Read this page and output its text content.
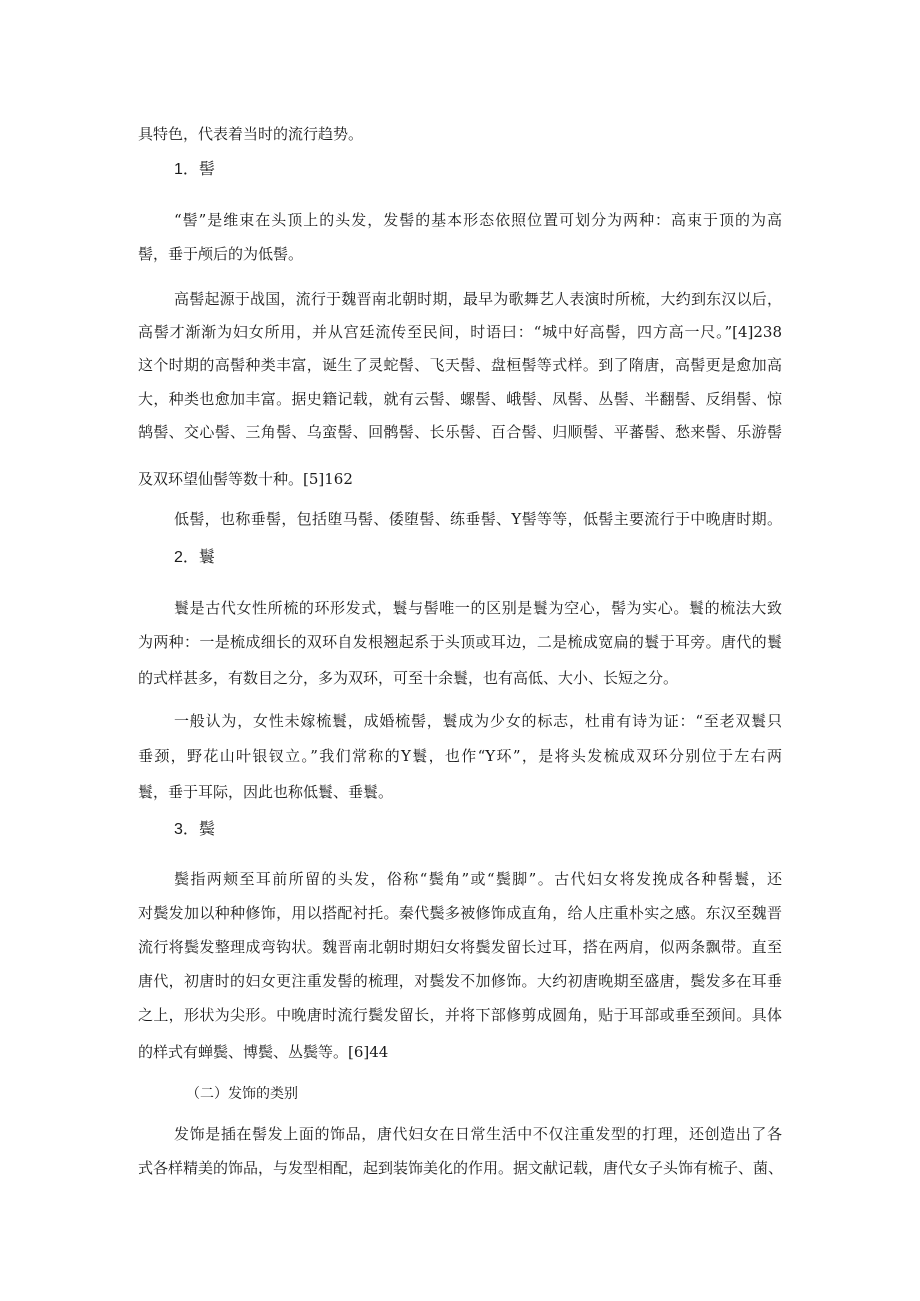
具特色，代表着当时的流行趋势。
1．髻
“髻”是维束在头顶上的头发，发髻的基本形态依照位置可划分为两种：高束于顶的为高
髻，垂于颅后的为低髻。
高髻起源于战国，流行于魏晋南北朝时期，最早为歌舞艺人表演时所梳，大约到东汉以后，
高髻才渐渐为妇女所用，并从宫廷流传至民间，时语曰：“城中好高髻，四方高一尺。”[4]238
这个时期的高髻种类丰富，诞生了灵蛇髻、飞天髻、盘桓髻等式样。到了隋唐，高髻更是愈加高
大，种类也愈加丰富。据史籍记载，就有云髻、螺髻、峨髻、凤髻、丛髻、半翻髻、反绢髻、惊
鹄髻、交心髻、三角髻、乌蛮髻、回鹘髻、长乐髻、百合髻、归顺髻、平蕃髻、愁来髻、乐游髻
及双环望仙髻等数十种。[5]162
低髻，也称垂髻，包括堕马髻、倭堕髻、练垂髻、Y髻等等，低髻主要流行于中晚唐时期。
2．鬟
鬟是古代女性所梳的环形发式，鬟与髻唯一的区别是鬟为空心，髻为实心。鬟的梳法大致
为两种：一是梳成细长的双环自发根翘起系于头顶或耳边，二是梳成宽扁的鬟于耳旁。唐代的鬟
的式样甚多，有数目之分，多为双环，可至十余鬟，也有高低、大小、长短之分。
一般认为，女性未嫁梳鬟，成婚梳髻，鬟成为少女的标志，杜甫有诗为证：“至老双鬟只
垂颈，野花山叶银钗立。”我们常称的Y鬟，也作“Y环”，是将头发梳成双环分别位于左右两
鬟，垂于耳际，因此也称低鬟、垂鬟。
3．鬓
鬓指两颊至耳前所留的头发，俗称“鬓角”或“鬓脚”。古代妇女将发挽成各种髻鬟，还
对鬓发加以种种修饰，用以搭配衬托。秦代鬓多被修饰成直角，给人庄重朴实之感。东汉至魏晋
流行将鬓发整理成弯钩状。魏晋南北朝时期妇女将鬓发留长过耳，搭在两肩，似两条飘带。直至
唐代，初唐时的妇女更注重发髻的梳理，对鬓发不加修饰。大约初唐晚期至盛唐，鬓发多在耳垂
之上，形状为尖形。中晚唐时流行鬓发留长，并将下部修剪成圆角，贴于耳部或垂至颈间。具体
的样式有蝉鬓、博鬓、丛鬓等。[6]44
（二）发饰的类别
发饰是插在髻发上面的饰品，唐代妇女在日常生活中不仅注重发型的打理，还创造出了各
式各样精美的饰品，与发型相配，起到装饰美化的作用。据文献记载，唐代女子头饰有梳子、菌、
